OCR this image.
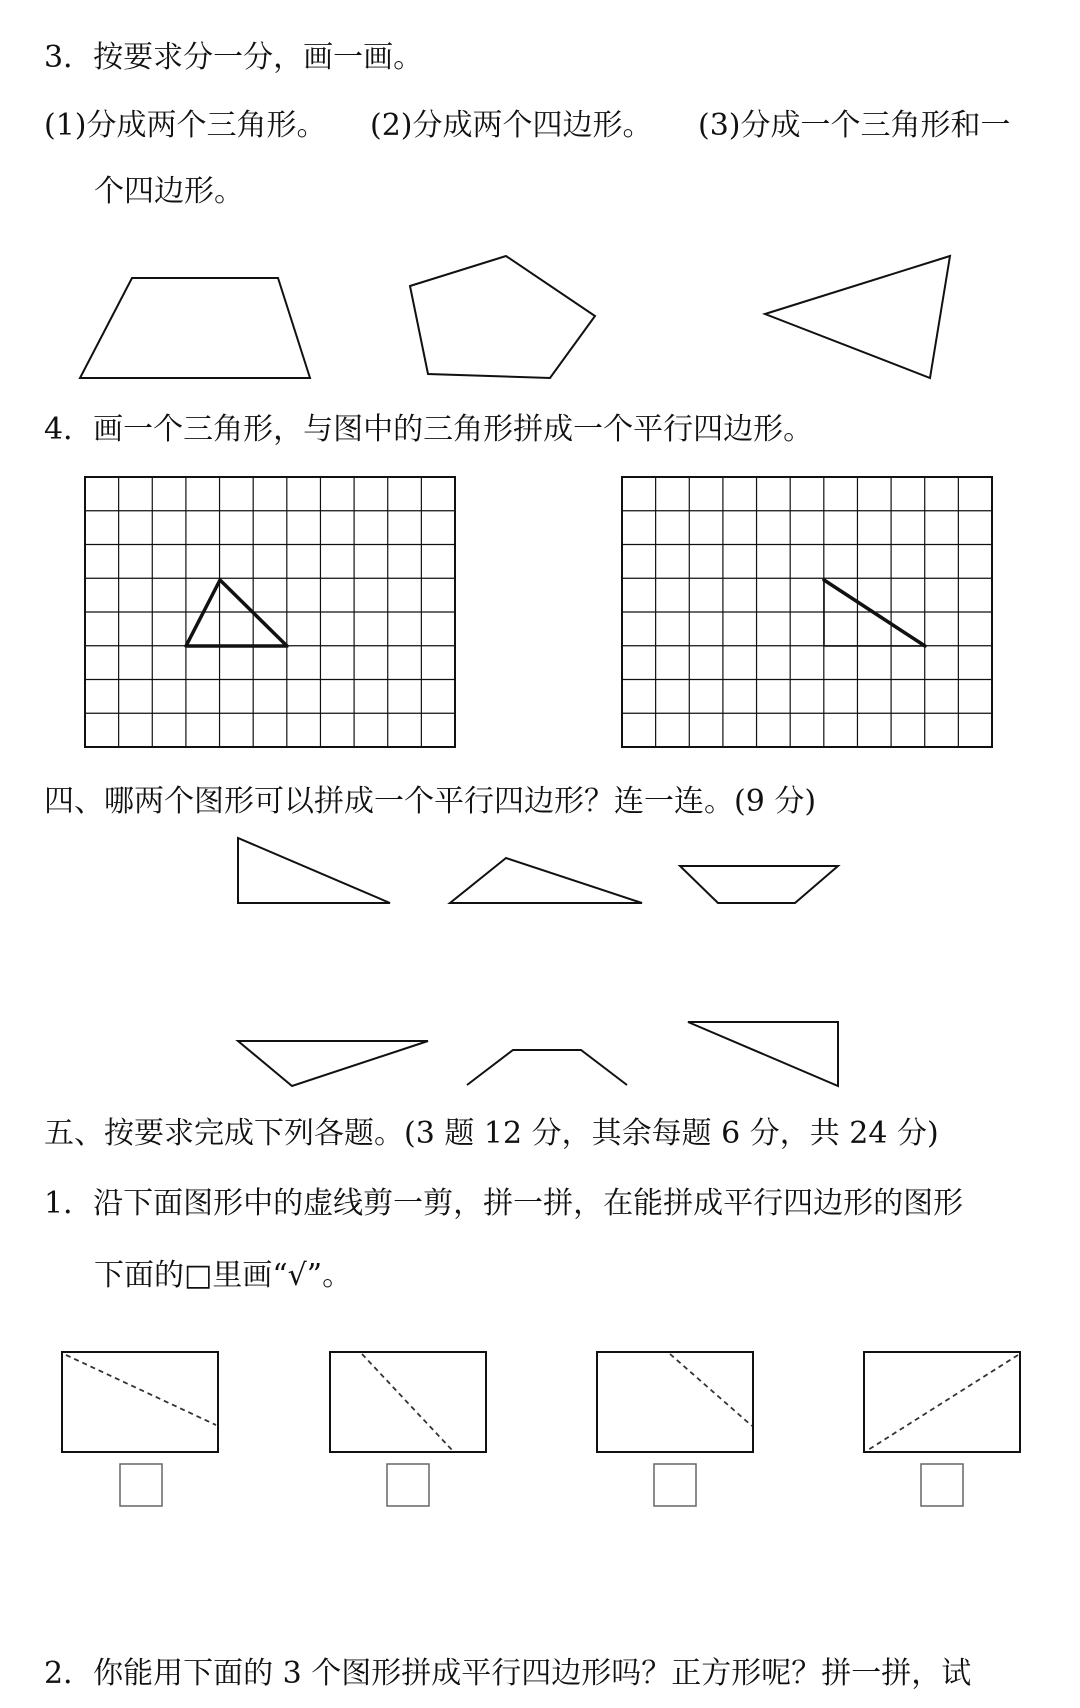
3．按要求分一分，画一画。
(1)分成两个三角形。 (2)分成两个四边形。 (3)分成一个三角形和一
个四边形。
4．画一个三角形，与图中的三角形拼成一个平行四边形。
四、哪两个图形可以拼成一个平行四边形？连一连。(9 分)
五、按要求完成下列各题。(3 题 12 分，其余每题 6 分，共 24 分)
1．沿下面图形中的虚线剪一剪，拼一拼，在能拼成平行四边形的图形
下面的□里画“√”。
2．你能用下面的 3 个图形拼成平行四边形吗？正方形呢？拼一拼，试
